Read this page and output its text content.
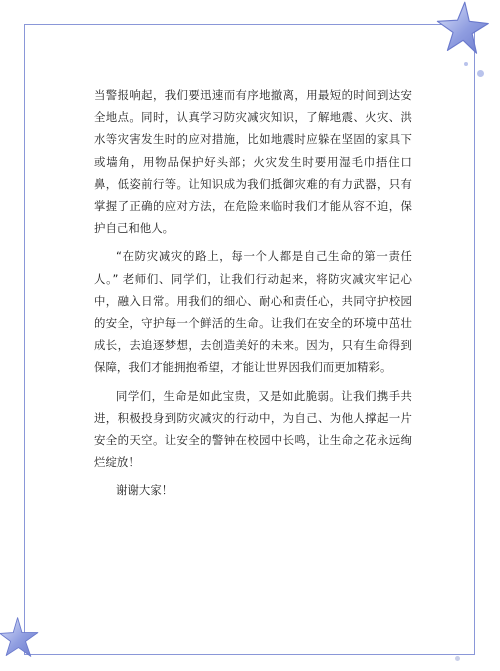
当警报响起，我们要迅速而有序地撤离，用最短的时间到达安全地点。同时，认真学习防灾减灾知识，了解地震、火灾、洪水等灾害发生时的应对措施，比如地震时应躲在坚固的家具下或墙角，用物品保护好头部；火灾发生时要用湿毛巾捂住口鼻，低姿前行等。让知识成为我们抵御灾难的有力武器，只有掌握了正确的应对方法，在危险来临时我们才能从容不迫，保护自己和他人。

“在防灾减灾的路上，每一个人都是自己生命的第一责任人。” 老师们、同学们，让我们行动起来，将防灾减灾牢记心中，融入日常。用我们的细心、耐心和责任心，共同守护校园的安全，守护每一个鲜活的生命。让我们在安全的环境中茁壮成长，去追逐梦想，去创造美好的未来。因为，只有生命得到保障，我们才能拥抱希望，才能让世界因我们而更加精彩。

同学们，生命是如此宝贵，又是如此脆弱。让我们携手共进，积极投身到防灾减灾的行动中，为自己、为他人撑起一片安全的天空。让安全的警钟在校园中长鸣，让生命之花永远绚烂绽放！

谢谢大家！
